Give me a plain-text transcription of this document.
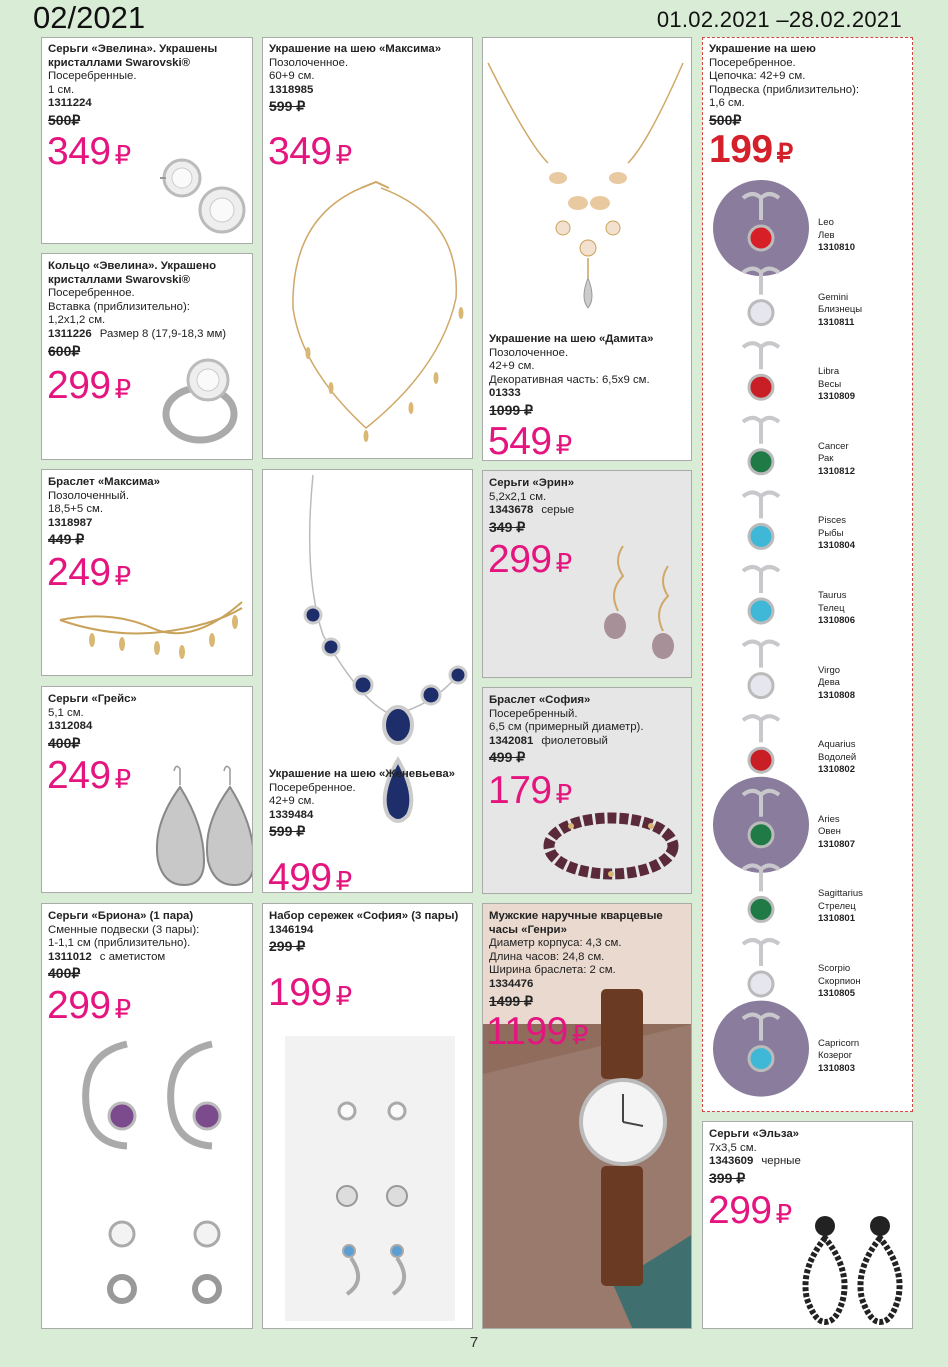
02/2021	01.02.2021 –28.02.2021
Серьги «Эвелина». Украшены кристаллами Swarovski®
Посеребренные.
1 см.
1311224
500₽
349 ₽
Кольцо «Эвелина». Украшено кристаллами Swarovski®
Посеребренное.
Вставка (приблизительно):
1,2x1,2 см.
1311226 Размер 8 (17,9-18,3 мм)
600₽
299 ₽
Браслет «Максима»
Позолоченный.
18,5+5 см.
1318987
449 ₽
249 ₽
Серьги «Грейс»
5,1 см.
1312084
400₽
249 ₽
Серьги «Бриона» (1 пара)
Сменные подвески (3 пары):
1-1,1 см (приблизительно).
1311012 с аметистом
400₽
299 ₽
Украшение на шею «Максима»
Позолоченное.
60+9 см.
1318985
599 ₽
349 ₽
Украшение на шею «Женевьева»
Посеребренное.
42+9 см.
1339484
599 ₽
499 ₽
Набор сережек «София» (3 пары)
1346194
299 ₽
199 ₽
Украшение на шею «Дамита»
Позолоченное.
42+9 см.
Декоративная часть: 6,5x9 см.
01333
1099 ₽
549 ₽
Серьги «Эрин»
5,2x2,1 см.
1343678 серые
349 ₽
299 ₽
Браслет «София»
Посеребренный.
6,5 см (примерный диаметр).
1342081 фиолетовый
499 ₽
179 ₽
Мужские наручные кварцевые часы «Генри»
Диаметр корпуса: 4,3 см.
Длина часов: 24,8 см.
Ширина браслета: 2 см.
1334476
1499 ₽
1199 ₽
Украшение на шею
Посеребренное.
Цепочка: 42+9 см.
Подвеска (приблизительно):
1,6 см.
500₽
199 ₽
Leo
Лев
1310810
Gemini
Близнецы
1310811
Libra
Весы
1310809
Cancer
Рак
1310812
Pisces
Рыбы
1310804
Taurus
Телец
1310806
Virgo
Дева
1310808
Aquarius
Водолей
1310802
Aries
Овен
1310807
Sagittarius
Стрелец
1310801
Scorpio
Скорпион
1310805
Capricorn
Козерог
1310803
Серьги «Эльза»
7x3,5 см.
1343609 черные
399 ₽
299 ₽
7
